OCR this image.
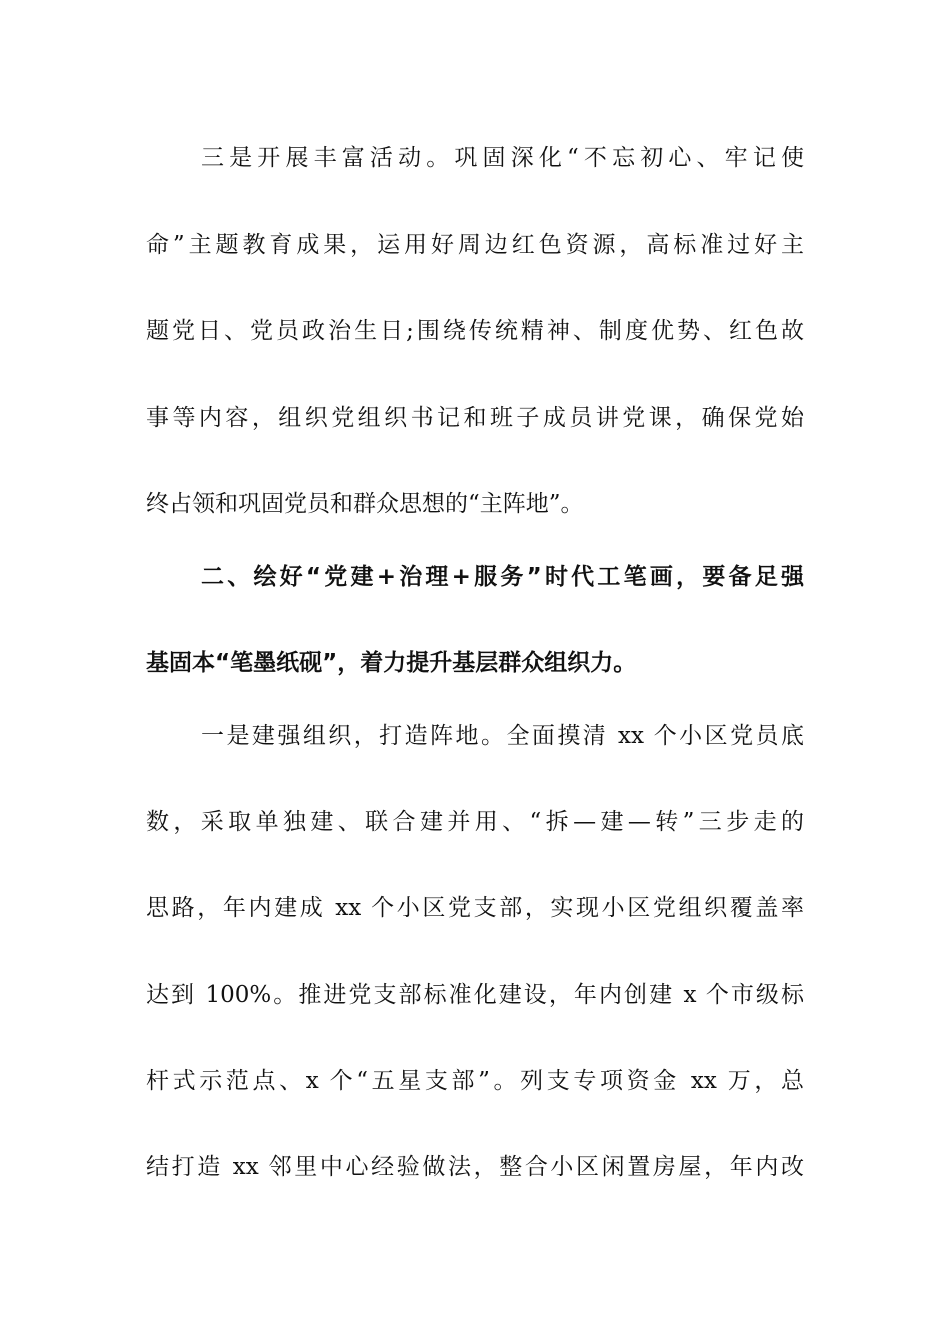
三是开展丰富活动。巩固深化“不忘初心、牢记使
命”主题教育成果，运用好周边红色资源，高标准过好主
题党日、党员政治生日;围绕传统精神、制度优势、红色故
事等内容，组织党组织书记和班子成员讲党课，确保党始
终占领和巩固党员和群众思想的“主阵地”。
二、绘好“党建+治理+服务”时代工笔画，要备足强
基固本“笔墨纸砚”，着力提升基层群众组织力。
一是建强组织，打造阵地。全面摸清 xx 个小区党员底
数，采取单独建、联合建并用、“拆—建—转”三步走的
思路，年内建成 xx 个小区党支部，实现小区党组织覆盖率
达到 100%。推进党支部标准化建设，年内创建 x 个市级标
杆式示范点、x 个“五星支部”。列支专项资金 xx 万，总
结打造 xx 邻里中心经验做法，整合小区闲置房屋，年内改
